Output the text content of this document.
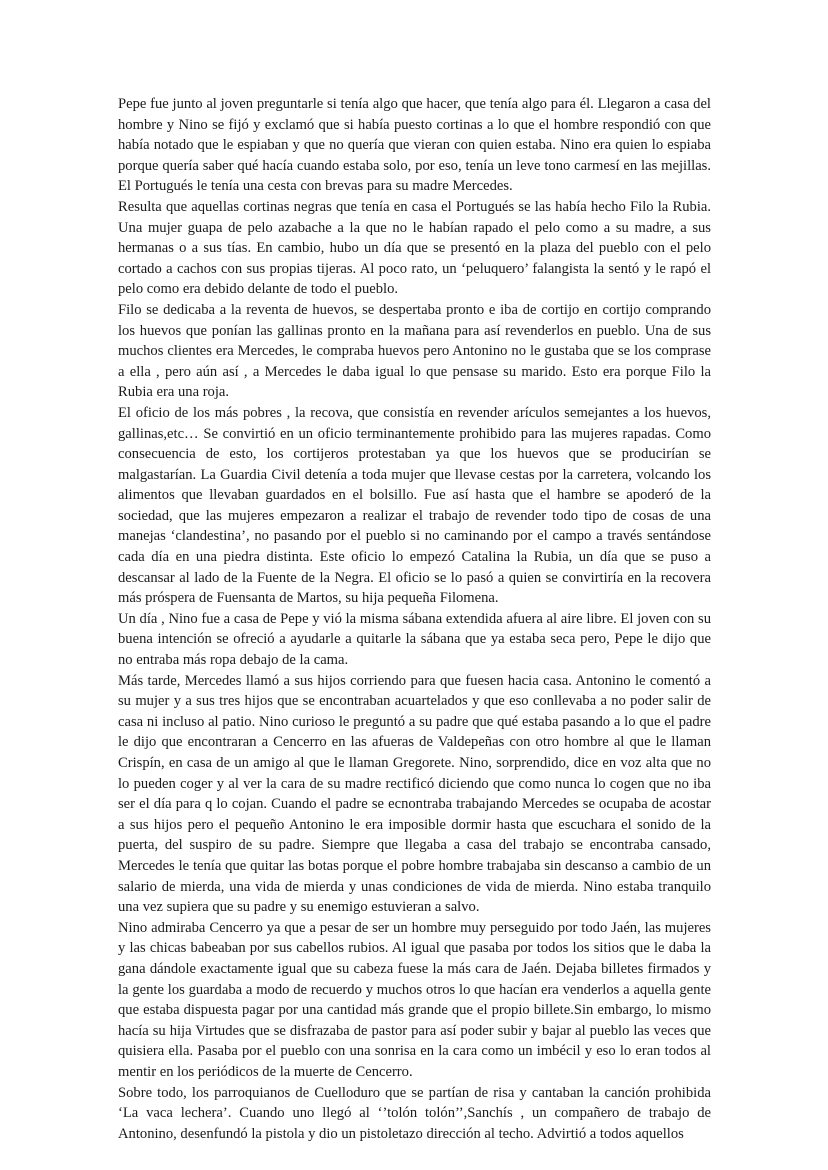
Pepe fue junto al joven preguntarle si tenía algo que hacer, que tenía algo para él. Llegaron a casa del hombre y Nino se fijó y exclamó que si había puesto cortinas a lo que el hombre respondió con que había notado que le espiaban y que no quería que vieran con quien estaba. Nino era quien lo espiaba porque quería saber qué hacía cuando estaba solo, por eso, tenía un leve tono carmesí en las mejillas. El Portugués le tenía una cesta con brevas para su madre Mercedes.

Resulta que aquellas cortinas negras que tenía en casa el Portugués se las había hecho Filo la Rubia. Una mujer guapa de pelo azabache a la que no le habían rapado el pelo como a su madre, a sus hermanas o a sus tías. En cambio, hubo un día que se presentó en la plaza del pueblo con el pelo cortado a cachos con sus propias tijeras. Al poco rato, un ‘peluquero’ falangista la sentó y le rapó el pelo como era debido delante de todo el pueblo.

Filo se dedicaba a la reventa de huevos, se despertaba pronto e iba de cortijo en cortijo comprando los huevos que ponían las gallinas pronto en la mañana para así revenderlos en pueblo. Una de sus muchos clientes era Mercedes, le compraba huevos pero Antonino no le gustaba que se los comprase a ella , pero aún así , a Mercedes le daba igual lo que pensase su marido. Esto era porque Filo la Rubia era una roja.

El oficio de los más pobres , la recova, que consistía en revender arículos semejantes a los huevos, gallinas,etc… Se convirtió en un oficio terminantemente prohibido para las mujeres rapadas. Como consecuencia de esto, los cortijeros protestaban ya que los huevos que se producirían se malgastarían. La Guardia Civil detenía a toda mujer que llevase cestas por la carretera, volcando los alimentos que llevaban guardados en el bolsillo. Fue así hasta que el hambre se apoderó de la sociedad, que las mujeres empezaron a realizar el trabajo de revender todo tipo de cosas de una manejas ‘clandestina’, no pasando por el pueblo si no caminando por el campo a través sentándose cada día en una piedra distinta. Este oficio lo empezó Catalina la Rubia, un día que se puso a descansar al lado de la Fuente de la Negra. El oficio se lo pasó a quien se convirtiría en la recovera más próspera de Fuensanta de Martos, su hija pequeña Filomena.

Un día , Nino fue a casa de Pepe y vió la misma sábana extendida afuera al aire libre. El joven con su buena intención se ofreció a ayudarle a quitarle la sábana que ya estaba seca pero, Pepe le dijo que no entraba más ropa debajo de la cama.

Más tarde, Mercedes llamó a sus hijos corriendo para que fuesen hacia casa. Antonino le comentó a su mujer y a sus tres hijos que se encontraban acuartelados y que eso conllevaba a no poder salir de casa ni incluso al patio. Nino curioso le preguntó a su padre que qué estaba pasando a lo que el padre le dijo que encontraran a Cencerro en las afueras de Valdepeñas con otro hombre al que le llaman Crispín, en casa de un amigo al que le llaman Gregorete. Nino, sorprendido, dice en voz alta que no lo pueden coger y al ver la cara de su madre rectificó diciendo que como nunca lo cogen que no iba ser el día para q lo cojan. Cuando el padre se ecnontraba trabajando Mercedes se ocupaba de acostar a sus hijos pero el pequeño Antonino le era imposible dormir hasta que escuchara el sonido de la puerta, del suspiro de su padre. Siempre que llegaba a casa del trabajo se encontraba cansado, Mercedes le tenía que quitar las botas porque el pobre hombre trabajaba sin descanso a cambio de un salario de mierda, una vida de mierda y unas condiciones de vida de mierda. Nino estaba tranquilo una vez supiera que su padre y su enemigo estuvieran a salvo.

Nino admiraba Cencerro ya que a pesar de ser un hombre muy perseguido por todo Jaén, las mujeres y las chicas babeaban por sus cabellos rubios. Al igual que pasaba por todos los sitios que le daba la gana dándole exactamente igual que su cabeza fuese la más cara de Jaén. Dejaba billetes firmados y la gente los guardaba a modo de recuerdo y muchos otros lo que hacían era venderlos a aquella gente que estaba dispuesta pagar por una cantidad más grande que el propio billete.Sin embargo, lo mismo hacía su hija Virtudes que se disfrazaba de pastor para así poder subir y bajar al pueblo las veces que quisiera ella. Pasaba por el pueblo con una sonrisa en la cara como un imbécil y eso lo eran todos al mentir en los periódicos de la muerte de Cencerro.

Sobre todo, los parroquianos de Cuelloduro que se partían de risa y cantaban la canción prohibida ‘La vaca lechera’. Cuando uno llegó al ‘’tolón tolón’’,Sanchís , un compañero de trabajo de Antonino, desenfundó la pistola y dio un pistoletazo dirección al techo. Advirtió a todos aquellos
